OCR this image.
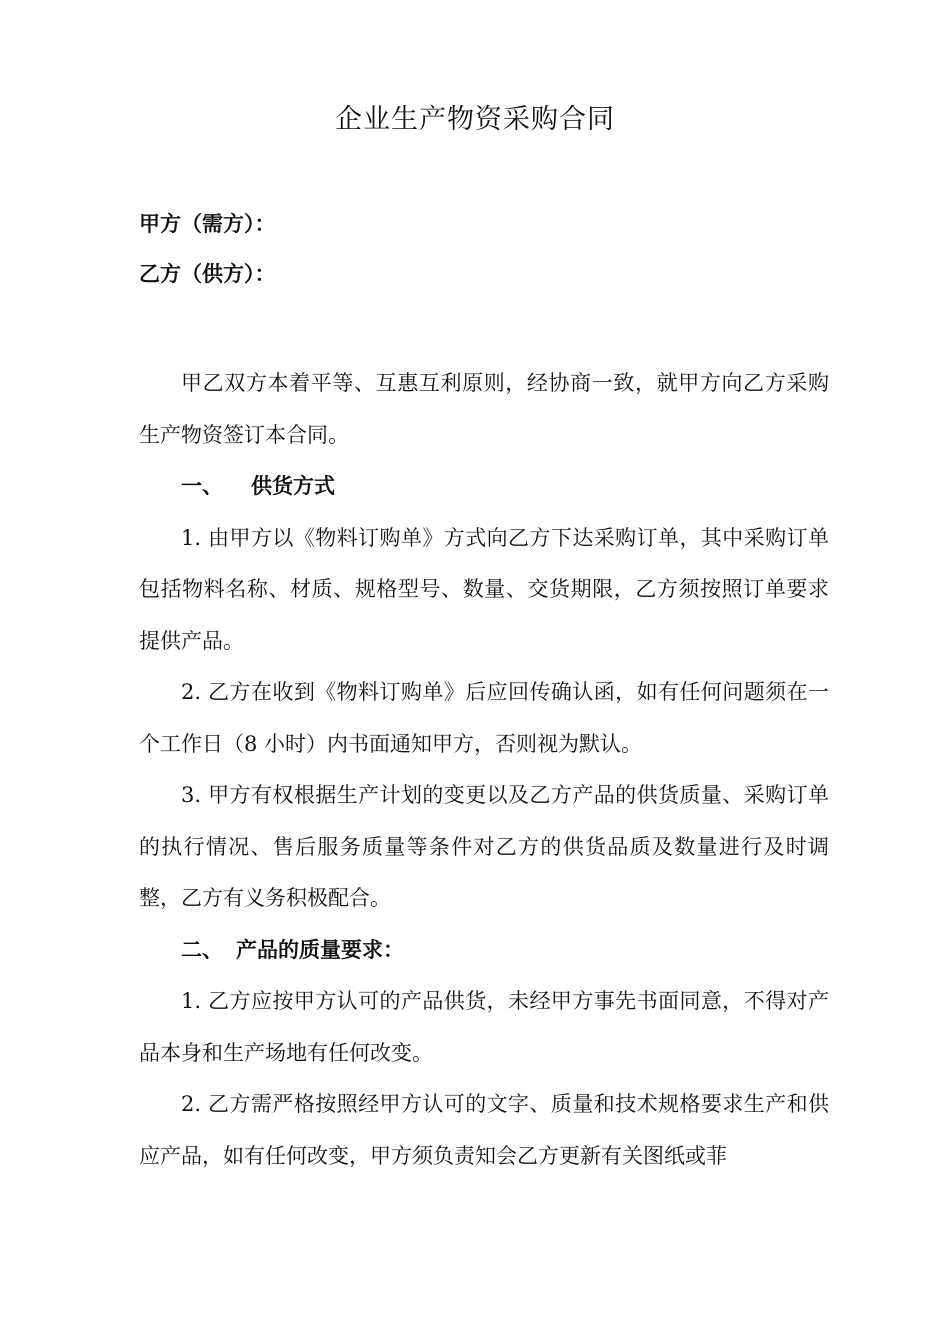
企业生产物资采购合同
甲方（需方）：
乙方（供方）：

甲乙双方本着平等、互惠互利原则，经协商一致，就甲方向乙方采购生产物资签订本合同。

一、 供货方式

1. 由甲方以《物料订购单》方式向乙方下达采购订单，其中采购订单包括物料名称、材质、规格型号、数量、交货期限，乙方须按照订单要求提供产品。

2. 乙方在收到《物料订购单》后应回传确认函，如有任何问题须在一个工作日（8 小时）内书面通知甲方，否则视为默认。

3. 甲方有权根据生产计划的变更以及乙方产品的供货质量、采购订单的执行情况、售后服务质量等条件对乙方的供货品质及数量进行及时调整，乙方有义务积极配合。

二、 产品的质量要求：

1. 乙方应按甲方认可的产品供货，未经甲方事先书面同意，不得对产品本身和生产场地有任何改变。

2. 乙方需严格按照经甲方认可的文字、质量和技术规格要求生产和供应产品，如有任何改变，甲方须负责知会乙方更新有关图纸或菲
